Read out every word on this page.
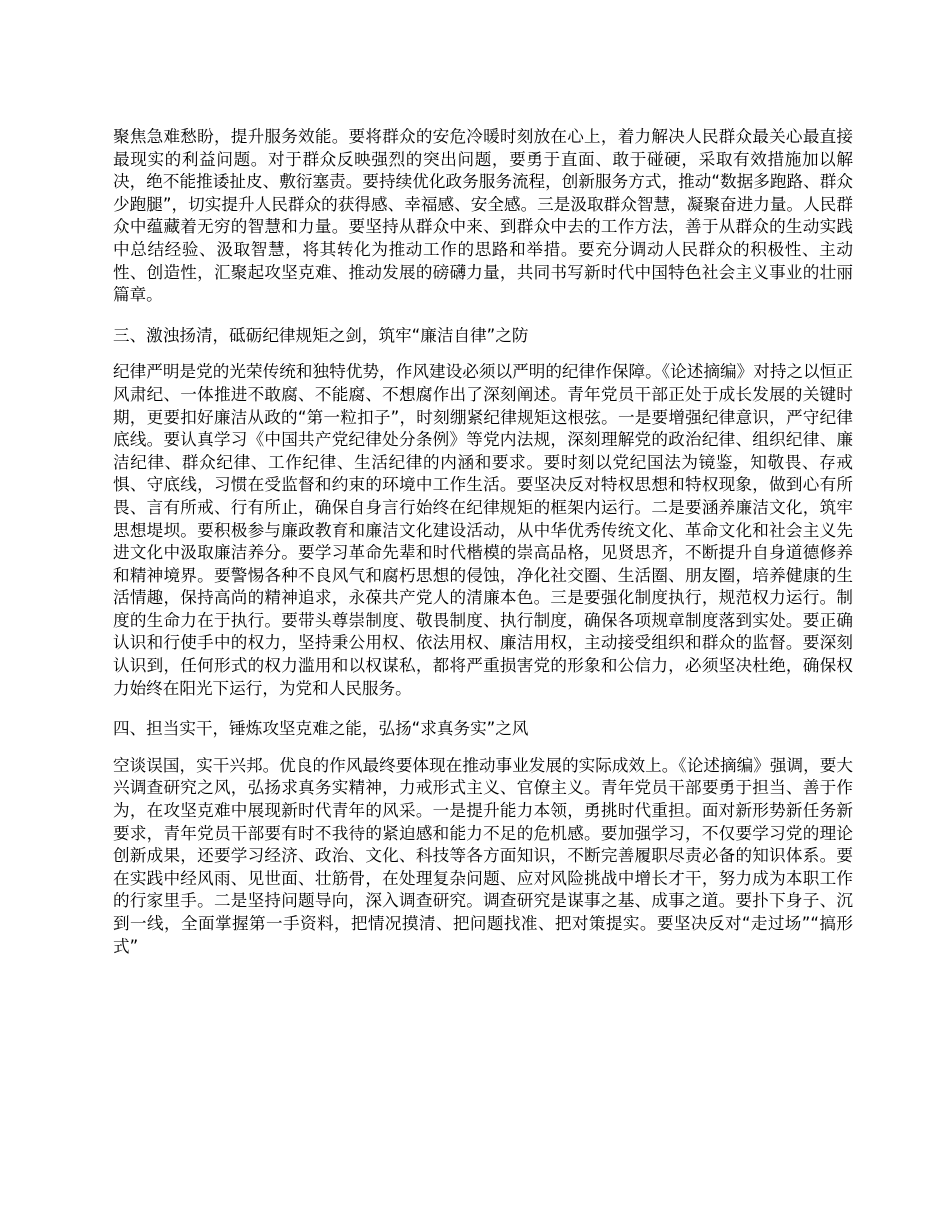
聚焦急难愁盼，提升服务效能。要将群众的安危冷暖时刻放在心上，着力解决人民群众最关心最直接最现实的利益问题。对于群众反映强烈的突出问题，要勇于直面、敢于碰硬，采取有效措施加以解决，绝不能推诿扯皮、敷衍塞责。要持续优化政务服务流程，创新服务方式，推动“数据多跑路、群众少跑腿”，切实提升人民群众的获得感、幸福感、安全感。三是汲取群众智慧，凝聚奋进力量。人民群众中蕴藏着无穷的智慧和力量。要坚持从群众中来、到群众中去的工作方法，善于从群众的生动实践中总结经验、汲取智慧，将其转化为推动工作的思路和举措。要充分调动人民群众的积极性、主动性、创造性，汇聚起攻坚克难、推动发展的磅礴力量，共同书写新时代中国特色社会主义事业的壮丽篇章。

三、激浊扬清，砥砺纪律规矩之剑，筑牢“廉洁自律”之防

纪律严明是党的光荣传统和独特优势，作风建设必须以严明的纪律作保障。《论述摘编》对持之以恒正风肃纪、一体推进不敢腐、不能腐、不想腐作出了深刻阐述。青年党员干部正处于成长发展的关键时期，更要扣好廉洁从政的“第一粒扣子”，时刻绷紧纪律规矩这根弦。一是要增强纪律意识，严守纪律底线。要认真学习《中国共产党纪律处分条例》等党内法规，深刻理解党的政治纪律、组织纪律、廉洁纪律、群众纪律、工作纪律、生活纪律的内涵和要求。要时刻以党纪国法为镜鉴，知敬畏、存戒惧、守底线，习惯在受监督和约束的环境中工作生活。要坚决反对特权思想和特权现象，做到心有所畏、言有所戒、行有所止，确保自身言行始终在纪律规矩的框架内运行。二是要涵养廉洁文化，筑牢思想堤坝。要积极参与廉政教育和廉洁文化建设活动，从中华优秀传统文化、革命文化和社会主义先进文化中汲取廉洁养分。要学习革命先辈和时代楷模的崇高品格，见贤思齐，不断提升自身道德修养和精神境界。要警惕各种不良风气和腐朽思想的侵蚀，净化社交圈、生活圈、朋友圈，培养健康的生活情趣，保持高尚的精神追求，永葆共产党人的清廉本色。三是要强化制度执行，规范权力运行。制度的生命力在于执行。要带头尊崇制度、敬畏制度、执行制度，确保各项规章制度落到实处。要正确认识和行使手中的权力，坚持秉公用权、依法用权、廉洁用权，主动接受组织和群众的监督。要深刻认识到，任何形式的权力滥用和以权谋私，都将严重损害党的形象和公信力，必须坚决杜绝，确保权力始终在阳光下运行，为党和人民服务。

四、担当实干，锤炼攻坚克难之能，弘扬“求真务实”之风

空谈误国，实干兴邦。优良的作风最终要体现在推动事业发展的实际成效上。《论述摘编》强调，要大兴调查研究之风，弘扬求真务实精神，力戒形式主义、官僚主义。青年党员干部要勇于担当、善于作为，在攻坚克难中展现新时代青年的风采。一是提升能力本领，勇挑时代重担。面对新形势新任务新要求，青年党员干部要有时不我待的紧迫感和能力不足的危机感。要加强学习，不仅要学习党的理论创新成果，还要学习经济、政治、文化、科技等各方面知识，不断完善履职尽责必备的知识体系。要在实践中经风雨、见世面、壮筋骨，在处理复杂问题、应对风险挑战中增长才干，努力成为本职工作的行家里手。二是坚持问题导向，深入调查研究。调查研究是谋事之基、成事之道。要扑下身子、沉到一线，全面掌握第一手资料，把情况摸清、把问题找准、把对策提实。要坚决反对“走过场”“搞形式”
